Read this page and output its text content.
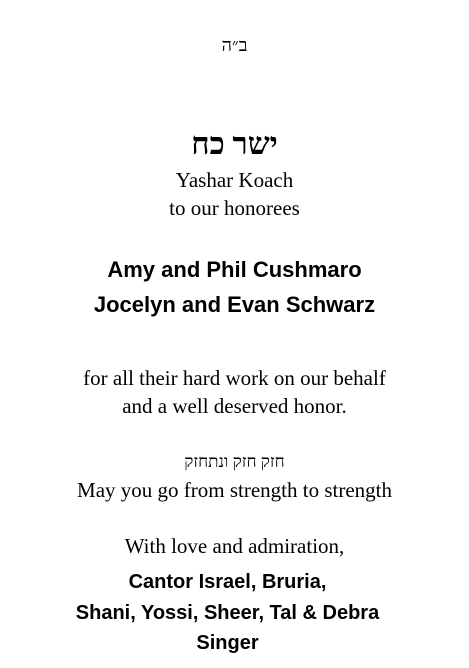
ב״ה
ישר כח
Yashar Koach
to our honorees
Amy and Phil Cushmaro
Jocelyn and Evan Schwarz
for all their hard work on our behalf
and a well deserved honor.
חזק חזק ונתחזק
May you go from strength to strength
With love and admiration,
Cantor Israel, Bruria,
Shani, Yossi, Sheer, Tal & Debra
Singer
